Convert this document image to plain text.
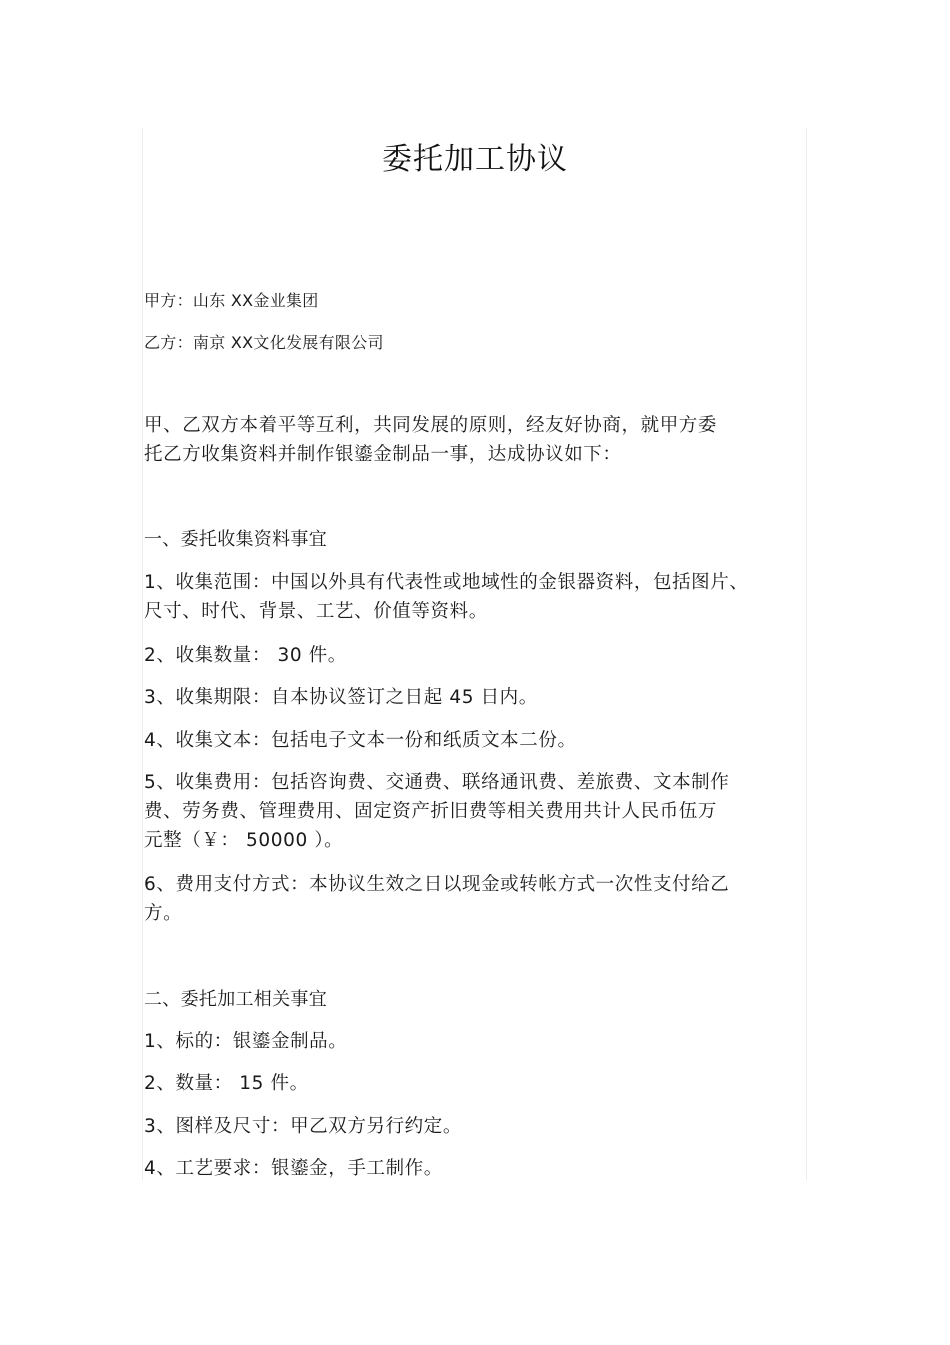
委托加工协议
甲方：山东 XX金业集团
乙方：南京 XX文化发展有限公司

甲、乙双方本着平等互利，共同发展的原则，经友好协商，就甲方委

托乙方收集资料并制作银鎏金制品一事，达成协议如下：

一、委托收集资料事宜

1、收集范围：中国以外具有代表性或地域性的金银器资料，包括图片、

尺寸、时代、背景、工艺、价值等资料。

2、收集数量： 30 件。

3、收集期限：自本协议签订之日起 45 日内。

4、收集文本：包括电子文本一份和纸质文本二份。

5、收集费用：包括咨询费、交通费、联络通讯费、差旅费、文本制作

费、劳务费、管理费用、固定资产折旧费等相关费用共计人民币伍万

元整（￥： 50000 ）。

6、费用支付方式：本协议生效之日以现金或转帐方式一次性支付给乙

方。

二、委托加工相关事宜

1、标的：银鎏金制品。

2、数量： 15 件。

3、图样及尺寸：甲乙双方另行约定。

4、工艺要求：银鎏金，手工制作。
